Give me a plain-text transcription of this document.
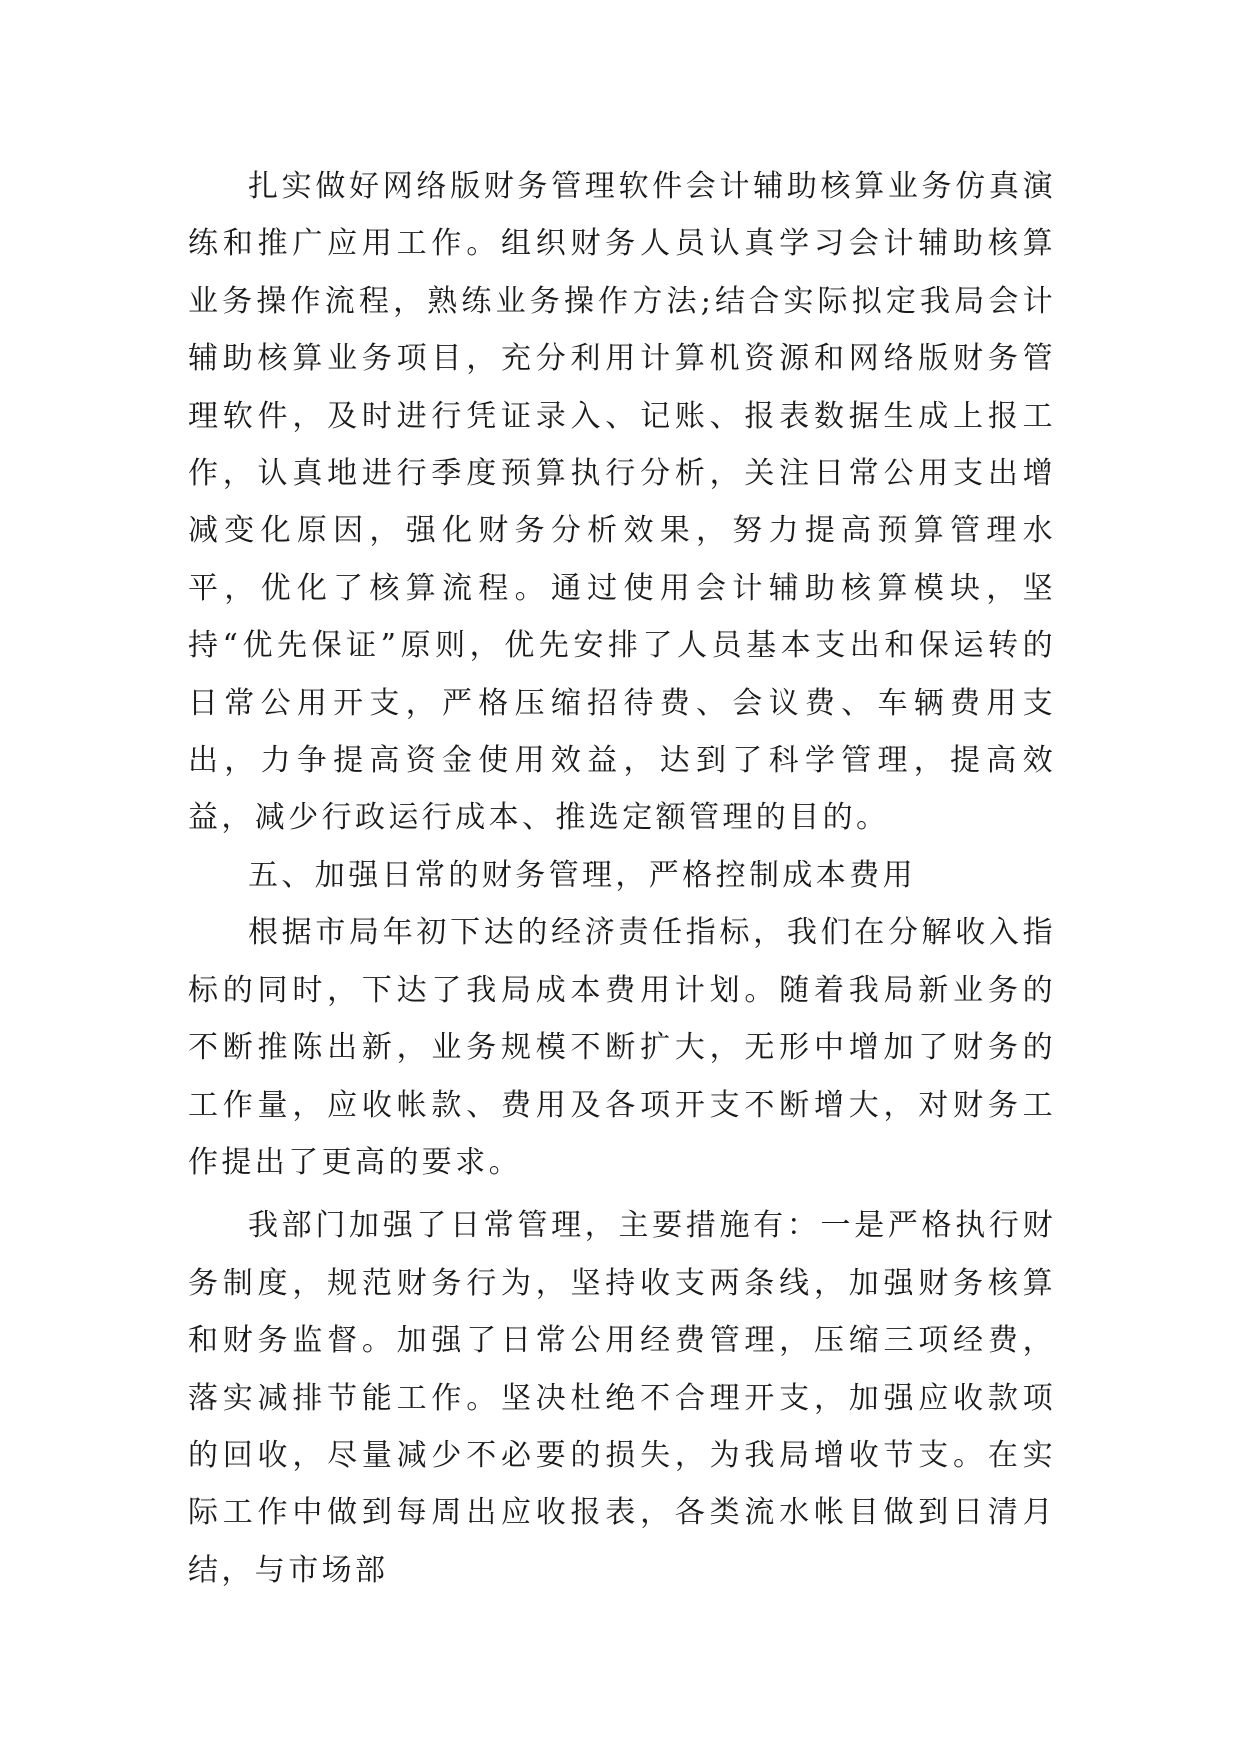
扎实做好网络版财务管理软件会计辅助核算业务仿真演练和推广应用工作。组织财务人员认真学习会计辅助核算业务操作流程，熟练业务操作方法;结合实际拟定我局会计辅助核算业务项目，充分利用计算机资源和网络版财务管理软件，及时进行凭证录入、记账、报表数据生成上报工作，认真地进行季度预算执行分析，关注日常公用支出增减变化原因，强化财务分析效果，努力提高预算管理水平，优化了核算流程。通过使用会计辅助核算模块，坚持“优先保证”原则，优先安排了人员基本支出和保运转的日常公用开支，严格压缩招待费、会议费、车辆费用支出，力争提高资金使用效益，达到了科学管理，提高效益，减少行政运行成本、推选定额管理的目的。

五、加强日常的财务管理，严格控制成本费用

根据市局年初下达的经济责任指标，我们在分解收入指标的同时，下达了我局成本费用计划。随着我局新业务的不断推陈出新，业务规模不断扩大，无形中增加了财务的工作量，应收帐款、费用及各项开支不断增大，对财务工作提出了更高的要求。

我部门加强了日常管理，主要措施有：一是严格执行财务制度，规范财务行为，坚持收支两条线，加强财务核算和财务监督。加强了日常公用经费管理，压缩三项经费，落实减排节能工作。坚决杜绝不合理开支，加强应收款项的回收，尽量减少不必要的损失，为我局增收节支。在实际工作中做到每周出应收报表，各类流水帐目做到日清月结，与市场部
